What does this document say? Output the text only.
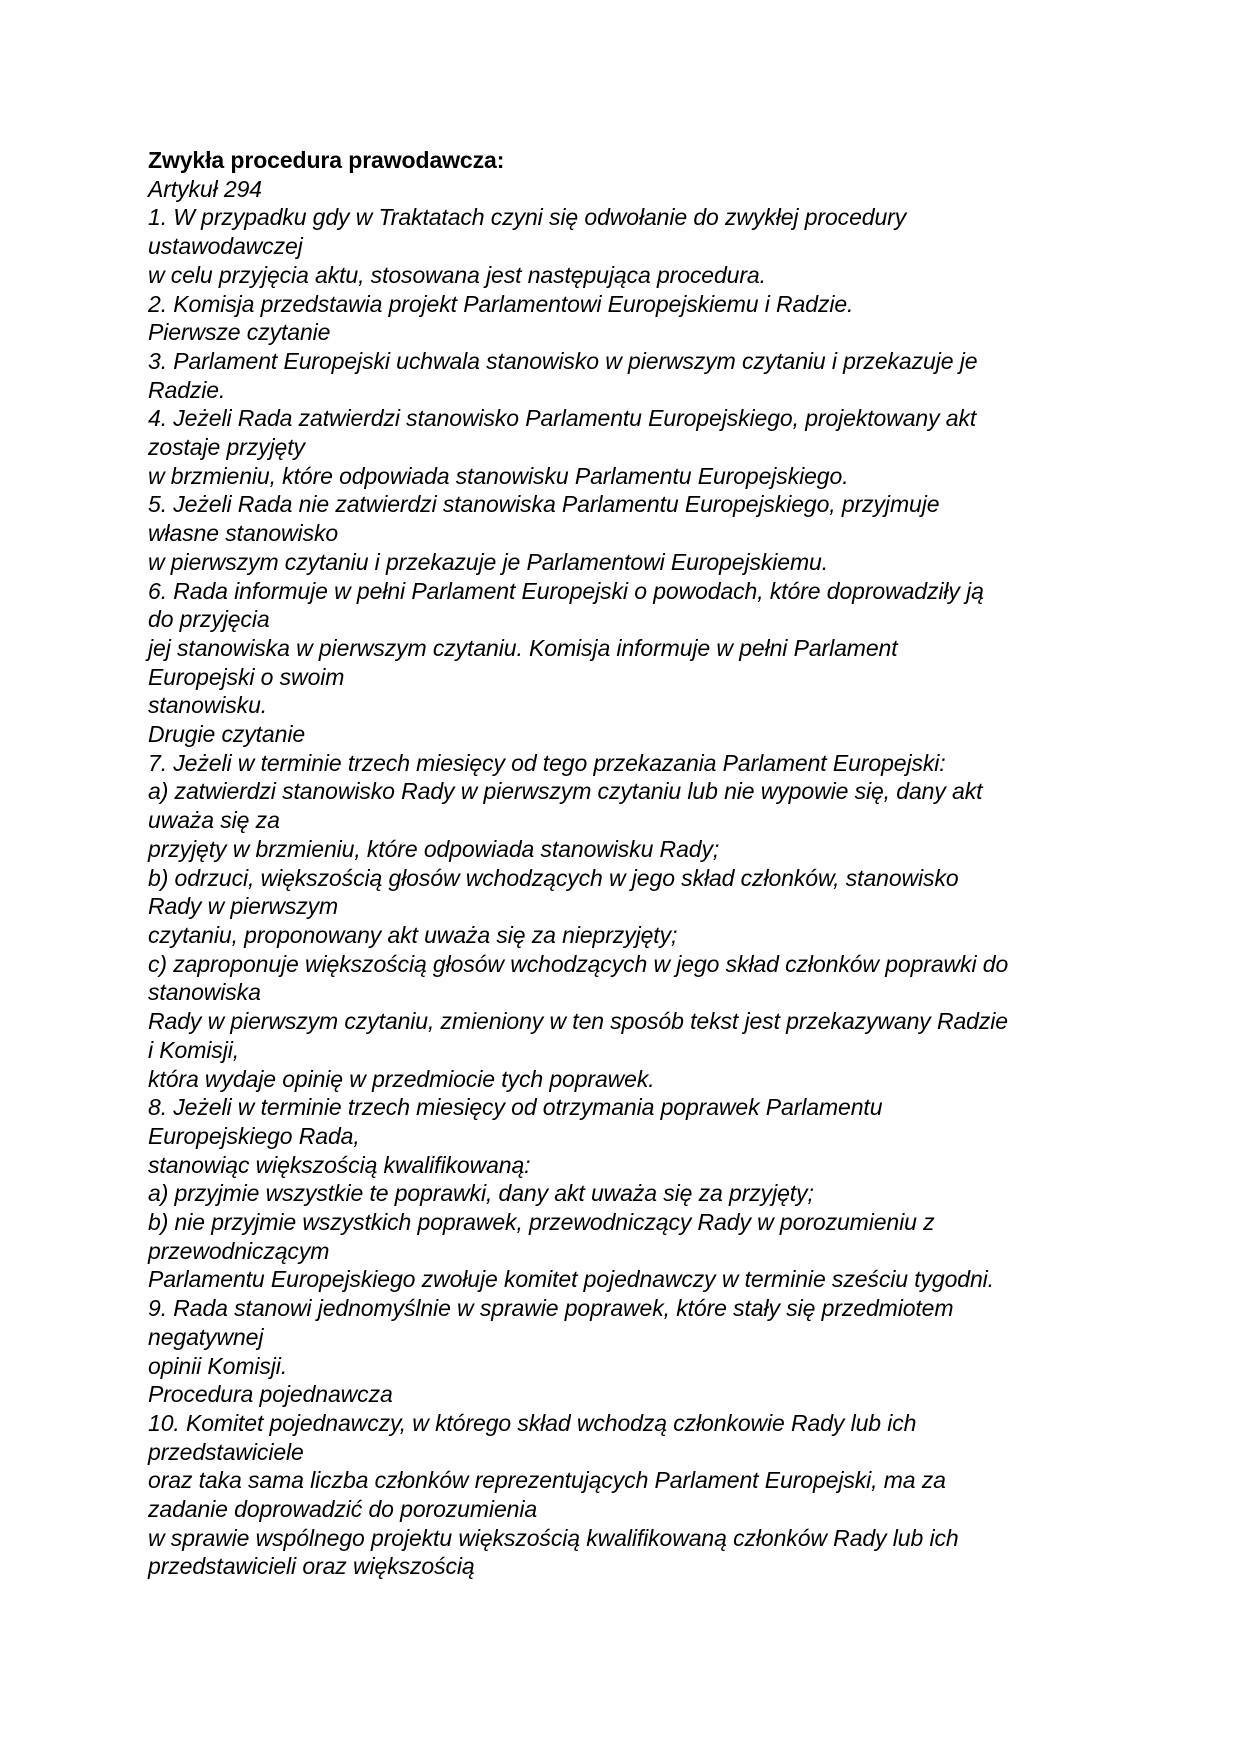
Zwykła procedura prawodawcza:

Artykuł 294

1. W przypadku gdy w Traktatach czyni się odwołanie do zwykłej procedury

ustawodawczej

w celu przyjęcia aktu, stosowana jest następująca procedura.

2. Komisja przedstawia projekt Parlamentowi Europejskiemu i Radzie.

Pierwsze czytanie

3. Parlament Europejski uchwala stanowisko w pierwszym czytaniu i przekazuje je

Radzie.

4. Jeżeli Rada zatwierdzi stanowisko Parlamentu Europejskiego, projektowany akt

zostaje przyjęty

w brzmieniu, które odpowiada stanowisku Parlamentu Europejskiego.

5. Jeżeli Rada nie zatwierdzi stanowiska Parlamentu Europejskiego, przyjmuje

własne stanowisko

w pierwszym czytaniu i przekazuje je Parlamentowi Europejskiemu.

6. Rada informuje w pełni Parlament Europejski o powodach, które doprowadziły ją

do przyjęcia

jej stanowiska w pierwszym czytaniu. Komisja informuje w pełni Parlament

Europejski o swoim

stanowisku.

Drugie czytanie

7. Jeżeli w terminie trzech miesięcy od tego przekazania Parlament Europejski:

a) zatwierdzi stanowisko Rady w pierwszym czytaniu lub nie wypowie się, dany akt

uważa się za

przyjęty w brzmieniu, które odpowiada stanowisku Rady;

b) odrzuci, większością głosów wchodzących w jego skład członków, stanowisko

Rady w pierwszym

czytaniu, proponowany akt uważa się za nieprzyjęty;

c) zaproponuje większością głosów wchodzących w jego skład członków poprawki do

stanowiska

Rady w pierwszym czytaniu, zmieniony w ten sposób tekst jest przekazywany Radzie

i Komisji,

która wydaje opinię w przedmiocie tych poprawek.

8. Jeżeli w terminie trzech miesięcy od otrzymania poprawek Parlamentu

Europejskiego Rada,

stanowiąc większością kwalifikowaną:

a) przyjmie wszystkie te poprawki, dany akt uważa się za przyjęty;

b) nie przyjmie wszystkich poprawek, przewodniczący Rady w porozumieniu z

przewodniczącym

Parlamentu Europejskiego zwołuje komitet pojednawczy w terminie sześciu tygodni.

9. Rada stanowi jednomyślnie w sprawie poprawek, które stały się przedmiotem

negatywnej

opinii Komisji.

Procedura pojednawcza

10. Komitet pojednawczy, w którego skład wchodzą członkowie Rady lub ich

przedstawiciele

oraz taka sama liczba członków reprezentujących Parlament Europejski, ma za

zadanie doprowadzić do porozumienia

w sprawie wspólnego projektu większością kwalifikowaną członków Rady lub ich

przedstawicieli oraz większością
